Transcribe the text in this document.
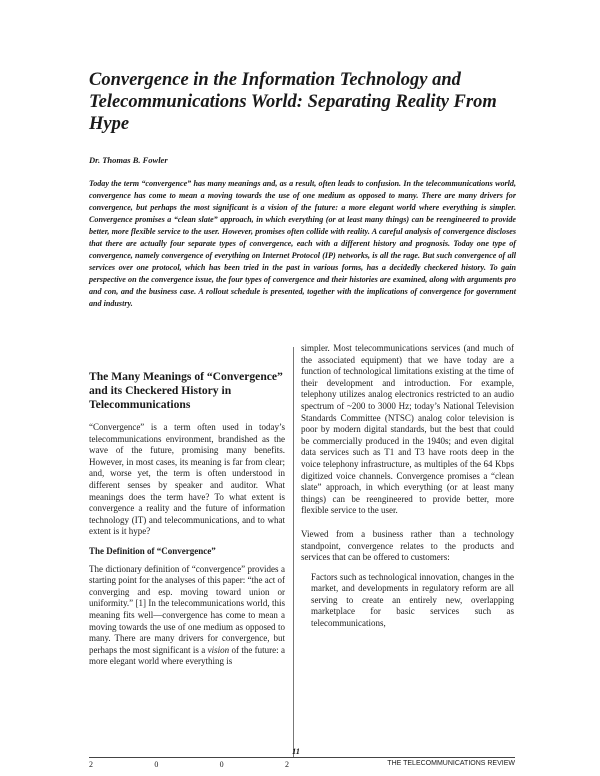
Convergence in the Information Technology and Telecommunications World: Separating Reality From Hype
Dr. Thomas B. Fowler

Today the term “convergence” has many meanings and, as a result, often leads to confusion. In the telecommunications world, convergence has come to mean a moving towards the use of one medium as opposed to many. There are many drivers for convergence, but perhaps the most significant is a vision of the future: a more elegant world where everything is simpler. Convergence promises a “clean slate” approach, in which everything (or at least many things) can be reengineered to provide better, more flexible service to the user. However, promises often collide with reality. A careful analysis of convergence discloses that there are actually four separate types of convergence, each with a different history and prognosis. Today one type of convergence, namely convergence of everything on Internet Protocol (IP) networks, is all the rage. But such convergence of all services over one protocol, which has been tried in the past in various forms, has a decidedly checkered history. To gain perspective on the convergence issue, the four types of convergence and their histories are examined, along with arguments pro and con, and the business case. A rollout schedule is presented, together with the implications of convergence for government and industry.

The Many Meanings of “Convergence” and its Checkered History in Telecommunications

“Convergence” is a term often used in today’s telecommunications environment, brandished as the wave of the future, promising many benefits. However, in most cases, its meaning is far from clear; and, worse yet, the term is often understood in different senses by speaker and auditor. What meanings does the term have? To what extent is convergence a reality and the future of information technology (IT) and telecommunications, and to what extent is it hype?

The Definition of “Convergence”

The dictionary definition of “convergence” provides a starting point for the analyses of this paper: “the act of converging and esp. moving toward union or uniformity.” [1] In the telecommunications world, this meaning fits well—convergence has come to mean a moving towards the use of one medium as opposed to many. There are many drivers for convergence, but perhaps the most significant is a vision of the future: a more elegant world where everything is

simpler. Most telecommunications services (and much of the associated equipment) that we have today are a function of technological limitations existing at the time of their development and introduction. For example, telephony utilizes analog electronics restricted to an audio spectrum of ~200 to 3000 Hz; today’s National Television Standards Committee (NTSC) analog color television is poor by modern digital standards, but the best that could be commercially produced in the 1940s; and even digital data services such as T1 and T3 have roots deep in the voice telephony infrastructure, as multiples of the 64 Kbps digitized voice channels. Convergence promises a “clean slate” approach, in which everything (or at least many things) can be reengineered to provide better, more flexible service to the user.

Viewed from a business rather than a technology standpoint, convergence relates to the products and services that can be offered to customers:

Factors such as technological innovation, changes in the market, and developments in regulatory reform are all serving to create an entirely new, overlapping marketplace for basic services such as telecommunications,

11
2	0	0	2	THE TELECOMMUNICATIONS REVIEW
